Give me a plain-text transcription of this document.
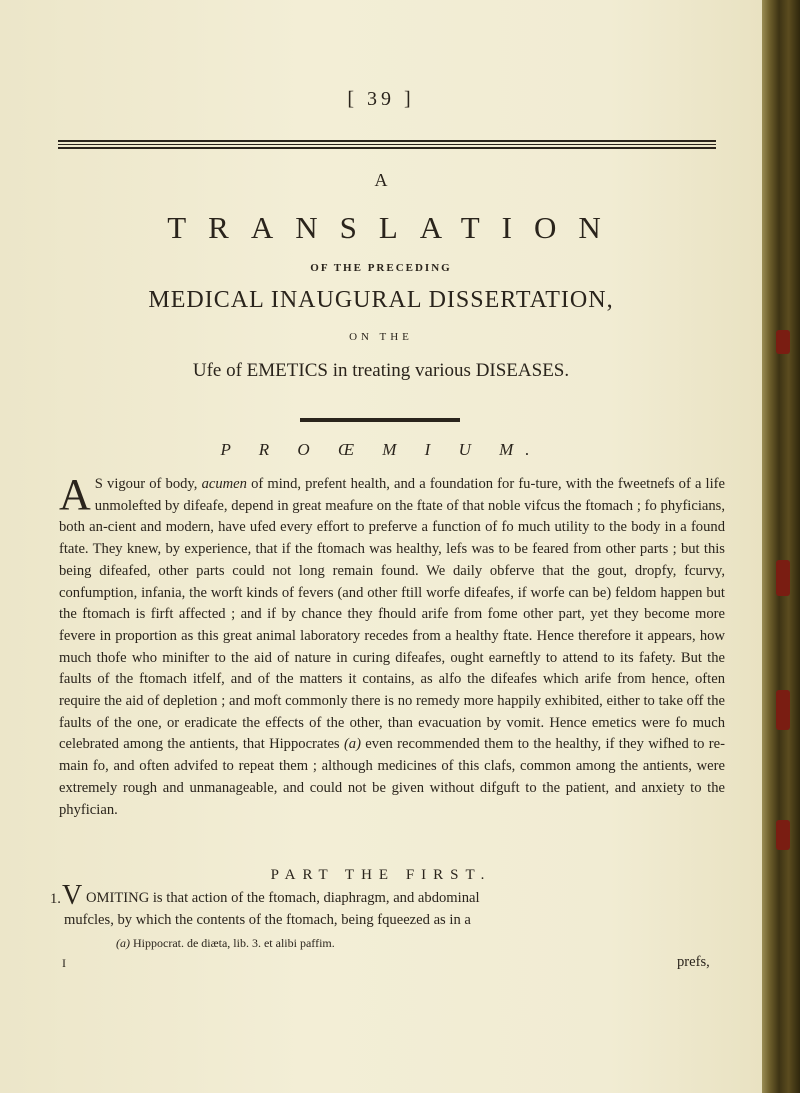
[ 39 ]
A
TRANSLATION
OF THE PRECEDING
MEDICAL INAUGURAL DISSERTATION,
ON THE
Ufe of EMETICS in treating various DISEASES.
P R O Œ M I U M.
A S vigour of body, acumen of mind, prefent health, and a foundation for fu-ture, with the fweetnefs of a life unmolefted by difeafe, depend in great meafure on the ftate of that noble vifcus the ftomach ; fo phyficians, both an-cient and modern, have ufed every effort to preferve a function of fo much utility to the body in a found ftate. They knew, by experience, that if the ftomach was healthy, lefs was to be feared from other parts ; but this being difeafed, other parts could not long remain found. We daily obferve that the gout, dropfy, fcurvy, confumption, infania, the worft kinds of fevers (and other ftill worfe difeafes, if worfe can be) feldom happen but the ftomach is firft affected ; and if by chance they fhould arife from fome other part, yet they become more fevere in proportion as this great animal laboratory recedes from a healthy ftate. Hence therefore it appears, how much thofe who minifter to the aid of nature in curing difeafes, ought earneftly to attend to its fafety. But the faults of the ftomach itfelf, and of the matters it contains, as alfo the difeafes which arife from hence, often require the aid of depletion ; and moft commonly there is no remedy more happily exhibited, either to take off the faults of the one, or eradicate the effects of the other, than evacuation by vomit. Hence emetics were fo much celebrated among the antients, that Hippocrates (a) even recommended them to the healthy, if they wifhed to re-main fo, and often advifed to repeat them ; although medicines of this clafs, common among the antients, were extremely rough and unmanageable, and could not be given without difguft to the patient, and anxiety to the phyfician.
PART THE FIRST.
1. V OMITING is that action of the ftomach, diaphragm, and abdominal
mufcles, by which the contents of the ftomach, being fqueezed as in a
(a) Hippocrat. de diæta, lib. 3. et alibi paffim.
I	prefs,
